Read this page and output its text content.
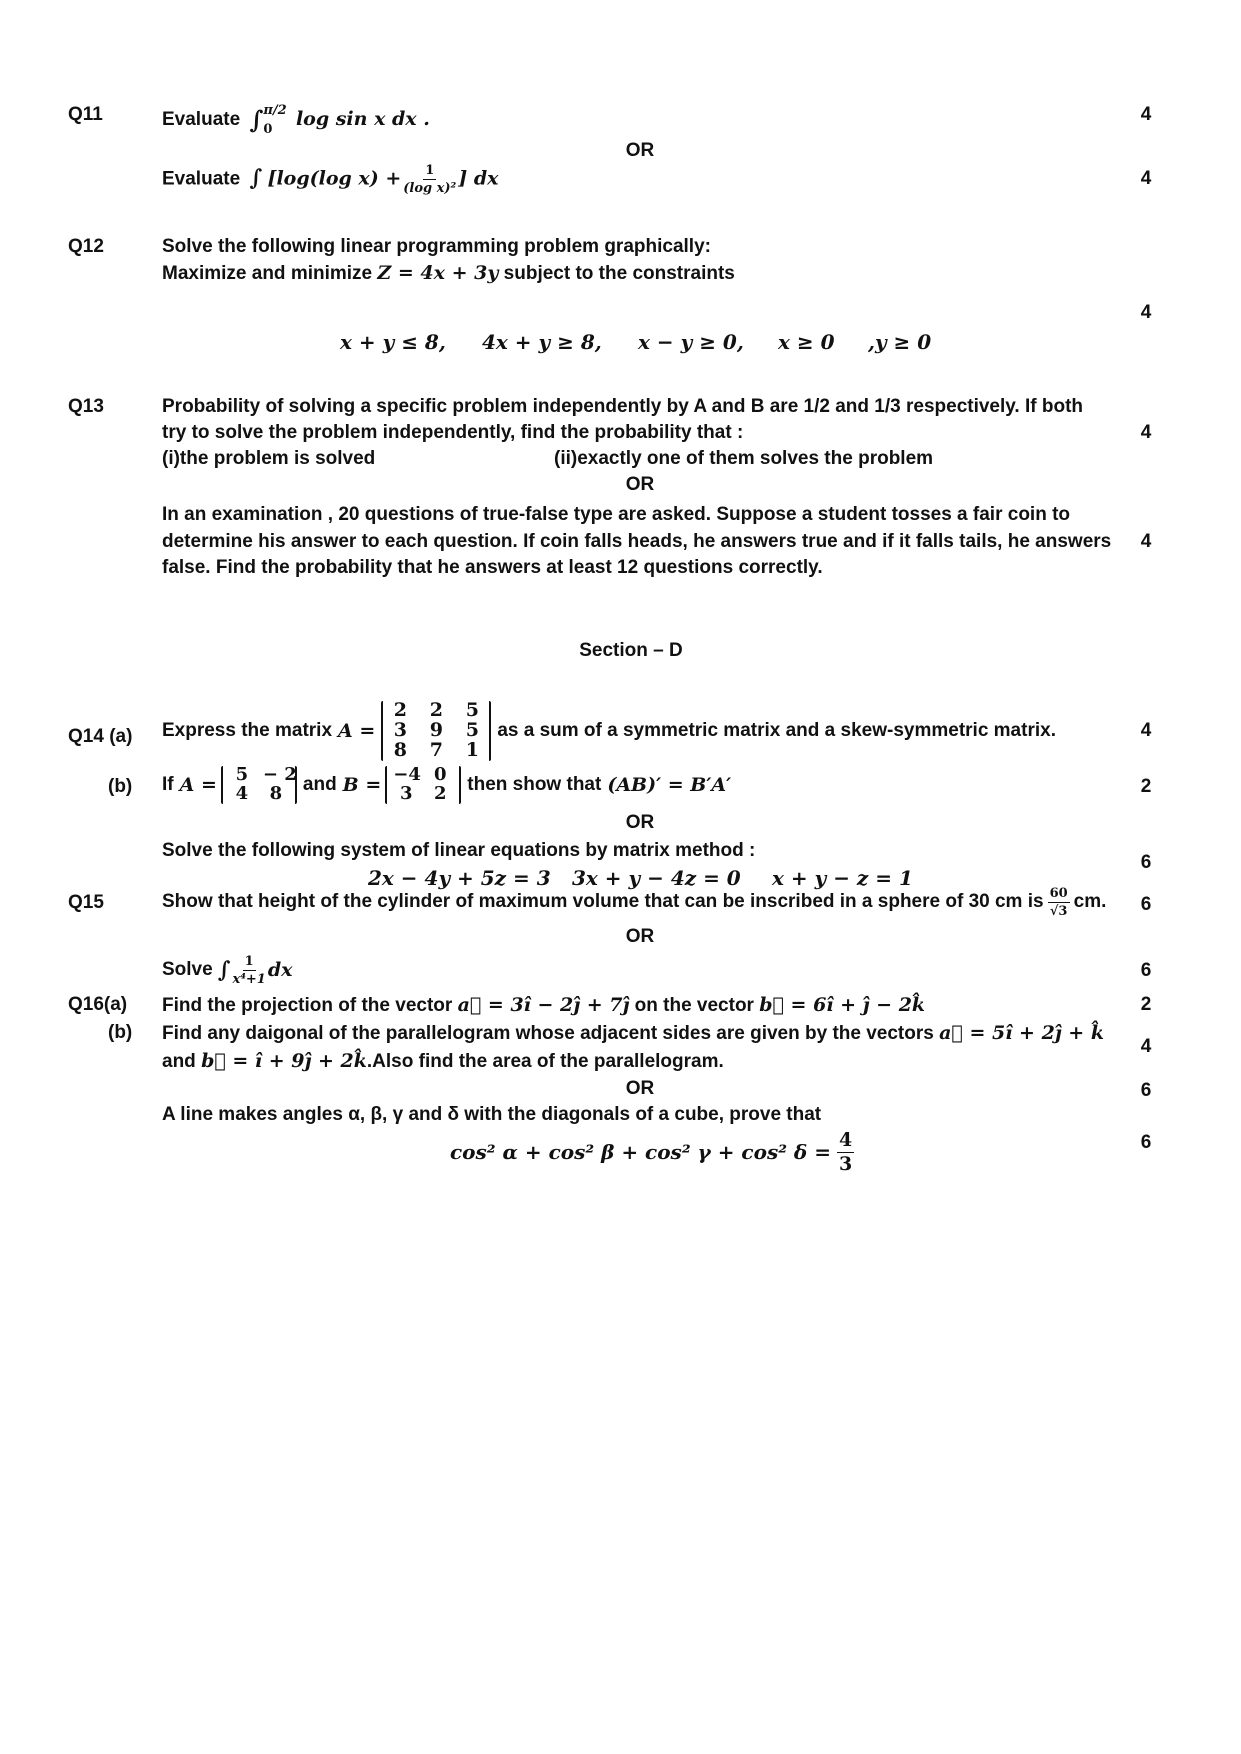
Q11	Evaluate ∫ π/2
0	log sin x dx .	4
OR
Evaluate ∫ [log(log $x) + \frac{1}{\text{(log x)²}}$ ] dx	4
Q12	Solve the following linear programming problem graphically:
Maximize and minimize Z = 4x + 3y subject to the constraints
4
x + y ≤ 8, 4x + y ≥ 8, x − y ≥ 0, x ≥ 0 ,y ≥ 0
Q13	Probability of solving a specific problem independently by A and B are 1/2 and 1/3 respectively. If both
try to solve the problem independently, find the probability that :	4
(i)the problem is solved	(ii)exactly one of them solves the problem
OR
In an examination , 20 questions of true-false type are asked. Suppose a student tosses a fair coin to
determine his answer to each question. If coin falls heads, he answers true and if it falls tails, he answers 4
false. Find the probability that he answers at least 12 questions correctly.
Section – D
Q14 (a) Express the matrix A =
2 2 5
3 9 5
8 7 1
as a sum of a symmetric matrix and a skew-symmetric matrix.	4
(b) If A =	5 − 2
4	8	and B = −4 0
3	2	then show that (AB)′ = B′A′	2
OR
Solve the following system of linear equations by matrix method :
6
2x − 4y + 5z = 3 3x + y − 4z = 0 x + y − z = 1
Q15	Show that height of the cylinder of maximum volume that can be inscribed in a sphere of 30 cm is $\frac{60}{√3}$ cm. 6
OR
Solve ∫ $\frac{1}{\text{x⁴+1}}$ dx	6
Q16(a) Find the projection of the vector a⃗ = 3î − 2ĵ + 7ĵ on the vector b⃗ = 6î + ĵ − 2k̂	2
(b) Find any daigonal of the parallelogram whose adjacent sides are given by the vectors a⃗ = 5î + 2ĵ + k̂
4
and b⃗ = î + 9ĵ + 2k̂.Also find the area of the parallelogram.
OR	6
A line makes angles α, β, γ and δ with the diagonals of a cube, prove that
6
cos² α + cos² β + cos² γ + cos² $\delta = \frac{4}{3}$
